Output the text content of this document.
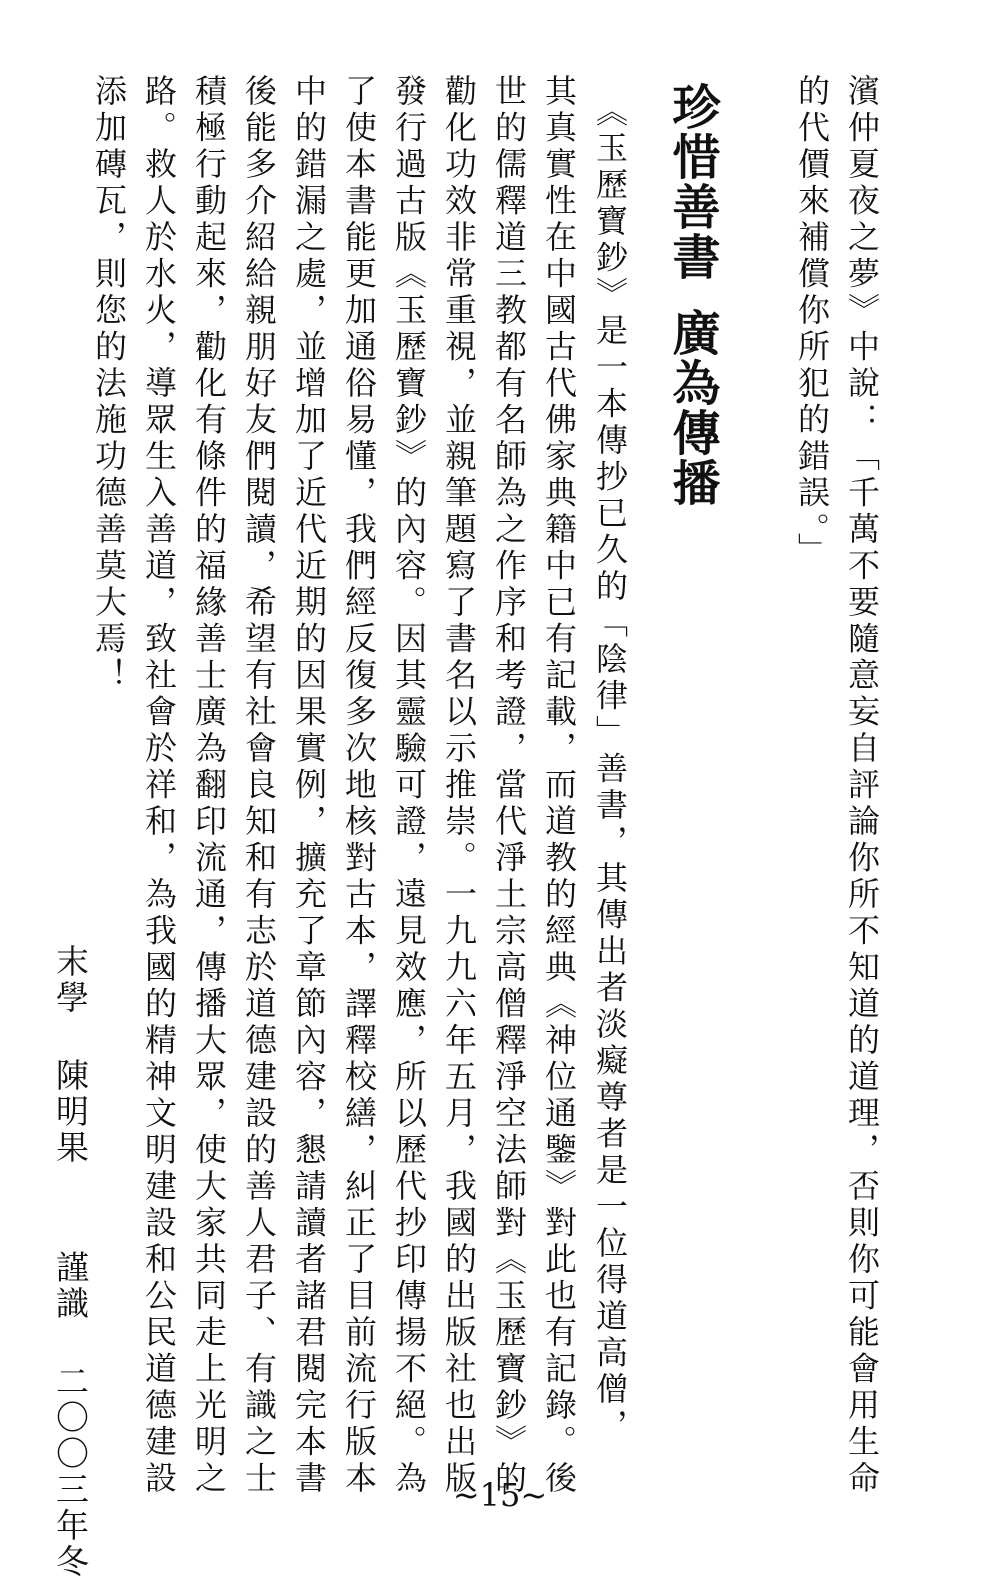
濱仲夏夜之夢》中說：「千萬不要隨意妄自評論你所不知道的道理，否則你可能會用生命
的代價來補償你所犯的錯誤。」
珍惜善書廣為傳播
　《玉歷寶鈔》是一本傳抄已久的「陰律」善書，其傳出者淡癡尊者是一位得道高僧，
其真實性在中國古代佛家典籍中已有記載，而道教的經典《神位通鑒》對此也有記錄。後
世的儒釋道三教都有名師為之作序和考證，當代淨土宗高僧釋淨空法師對《玉歷寶鈔》的
勸化功效非常重視，並親筆題寫了書名以示推崇。一九九六年五月，我國的出版社也出版
發行過古版《玉歷寶鈔》的內容。因其靈驗可證，遠見效應，所以歷代抄印傳揚不絕。為
了使本書能更加通俗易懂，我們經反復多次地核對古本，譯釋校繕，糾正了目前流行版本
中的錯漏之處，並增加了近代近期的因果實例，擴充了章節內容，懇請讀者諸君閱完本書
後能多介紹給親朋好友們閱讀，希望有社會良知和有志於道德建設的善人君子、有識之士
積極行動起來，勸化有條件的福緣善士廣為翻印流通，傳播大眾，使大家共同走上光明之
路。救人於水火，導眾生入善道，致社會於祥和，為我國的精神文明建設和公民道德建設
添加磚瓦，則您的法施功德善莫大焉！
末學 陳明果  謹識 二〇〇三年冬	~15~
